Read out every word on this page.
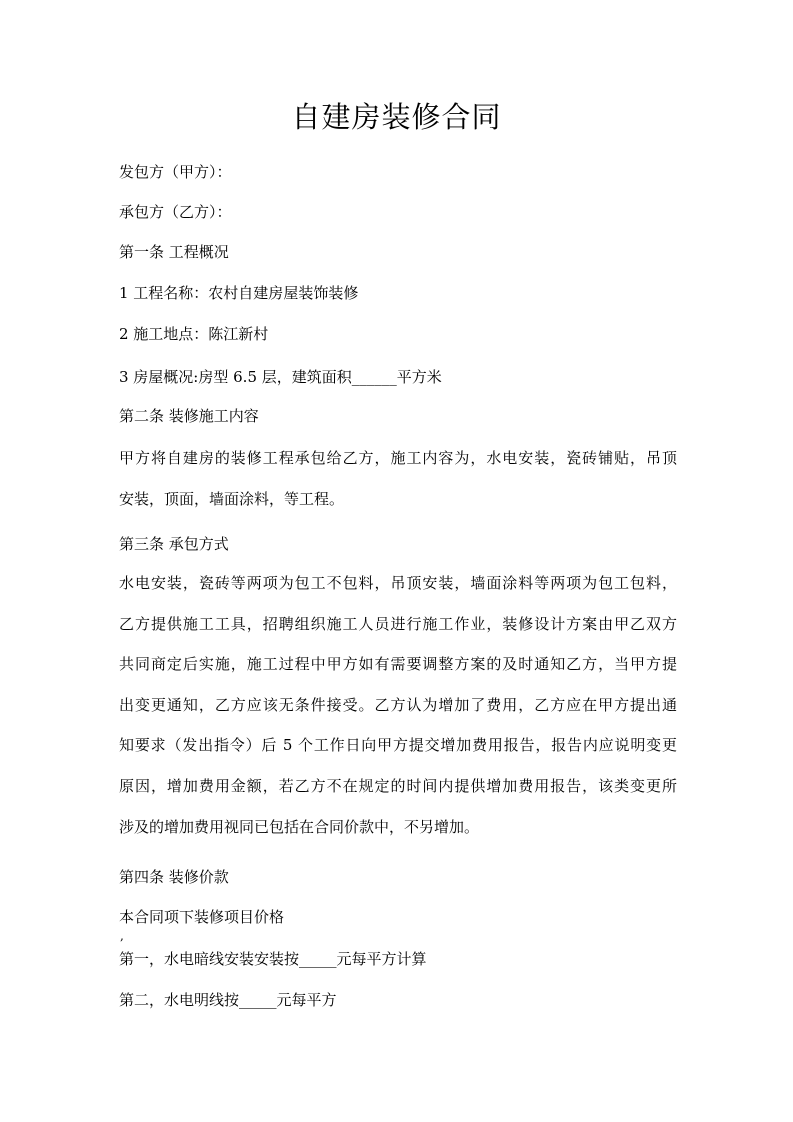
自建房装修合同
发包方（甲方）：
承包方（乙方）：
第一条 工程概况
1 工程名称：农村自建房屋装饰装修
2 施工地点：陈江新村
3 房屋概况:房型 6.5 层，建筑面积______平方米
第二条 装修施工内容
甲方将自建房的装修工程承包给乙方，施工内容为，水电安装，瓷砖铺贴，吊顶
安装，顶面，墙面涂料，等工程。
第三条 承包方式
水电安装，瓷砖等两项为包工不包料，吊顶安装，墙面涂料等两项为包工包料，
乙方提供施工工具，招聘组织施工人员进行施工作业，装修设计方案由甲乙双方
共同商定后实施，施工过程中甲方如有需要调整方案的及时通知乙方，当甲方提
出变更通知，乙方应该无条件接受。乙方认为增加了费用，乙方应在甲方提出通
知要求（发出指令）后 5 个工作日向甲方提交增加费用报告，报告内应说明变更
原因，增加费用金额，若乙方不在规定的时间内提供增加费用报告，该类变更所
涉及的增加费用视同已包括在合同价款中，不另增加。
第四条 装修价款
本合同项下装修项目价格
,
第一，水电暗线安装安装按_____元每平方计算
第二，水电明线按_____元每平方
